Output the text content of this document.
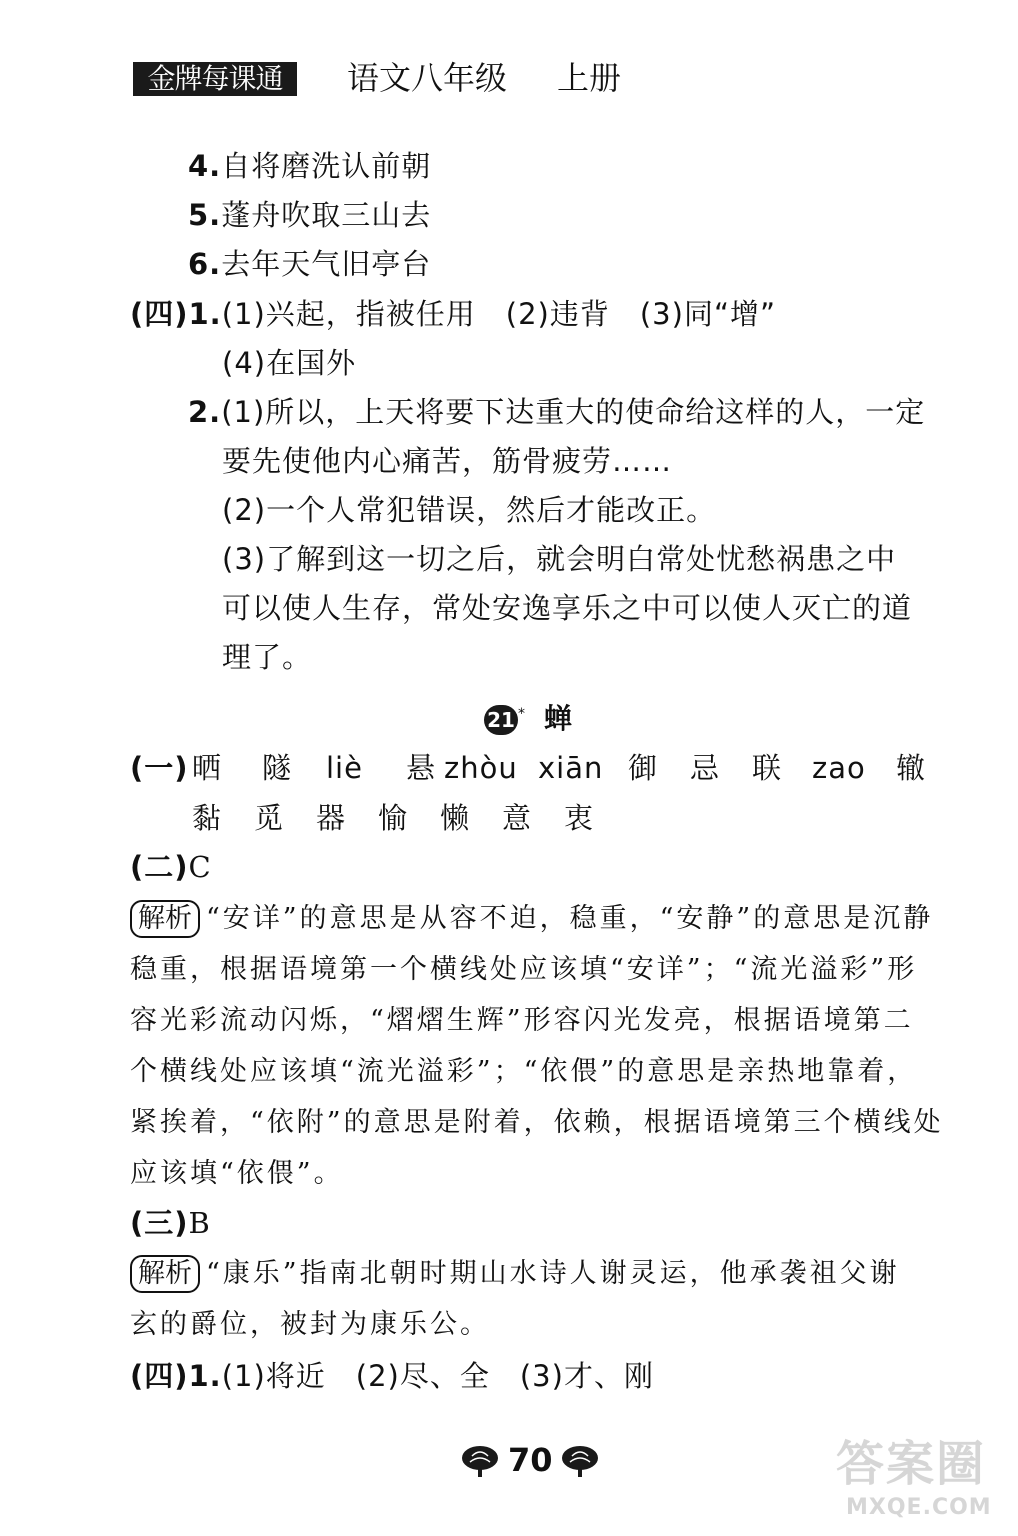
金牌每课通	语文八年级 上册
4.自将磨洗认前朝
5.蓬舟吹取三山去
6.去年天气旧亭台
(四)1.(1)兴起，指被任用　(2)违背　(3)同“增”
(4)在国外
2.(1)所以，上天将要下达重大的使命给这样的人，一定
要先使他内心痛苦，筋骨疲劳……
(2)一个人常犯错误，然后才能改正。
(3)了解到这一切之后，就会明白常处忧愁祸患之中
可以使人生存，常处安逸享乐之中可以使人灭亡的道
理了。
21 * 蝉
(一) 晒 隧 liè 悬 zhòu xiān 御 忌 联 zao 辙
黏 觅 器 愉 懒 意 衷
(二)C
解析 “安详”的意思是从容不迫，稳重，“安静”的意思是沉静
稳重，根据语境第一个横线处应该填“安详”；“流光溢彩”形
容光彩流动闪烁，“熠熠生辉”形容闪光发亮，根据语境第二
个横线处应该填“流光溢彩”；“依偎”的意思是亲热地靠着，
紧挨着，“依附”的意思是附着，依赖，根据语境第三个横线处
应该填“依偎”。
(三)B
解析 “康乐”指南北朝时期山水诗人谢灵运，他承袭祖父谢
玄的爵位，被封为康乐公。
(四)1.(1)将近　(2)尽、全　(3)才、刚
70	答案圈
MXQE.COM
